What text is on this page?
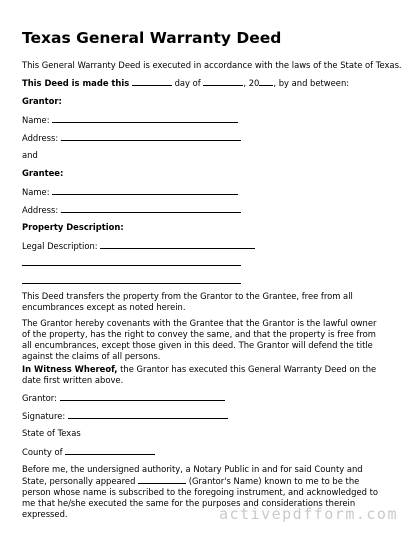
Texas General Warranty Deed
This General Warranty Deed is executed in accordance with the laws of the State of Texas.
This Deed is made this	day of	, 20 , by and between:
Grantor:
Name:
Address:
and
Grantee:
Name:
Address:
Property Description:
Legal Description:
This Deed transfers the property from the Grantor to the Grantee, free from all encumbrances except as noted herein.
The Grantor hereby covenants with the Grantee that the Grantor is the lawful owner of the property, has the right to convey the same, and that the property is free from all encumbrances, except those given in this deed. The Grantor will defend the title against the claims of all persons.
In Witness Whereof, the Grantor has executed this General Warranty Deed on the date first written above.
Grantor:
Signature:
State of Texas
County of
Before me, the undersigned authority, a Notary Public in and for said County and State, personally appeared	(Grantor's Name) known to me to be the person whose name is subscribed to the foregoing instrument, and acknowledged to me that he/she executed the same for the purposes and considerations therein expressed.	activepdfform.com
